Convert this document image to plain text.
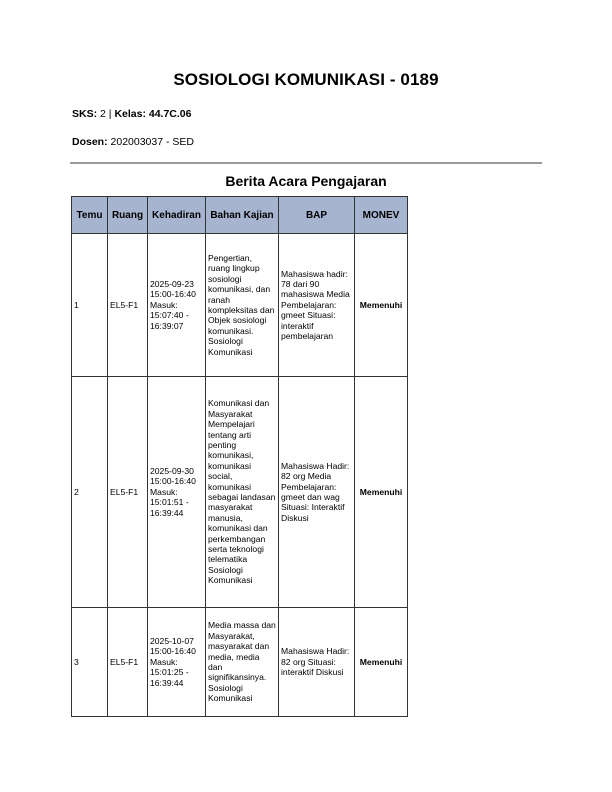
SOSIOLOGI KOMUNIKASI - 0189
SKS: 2 | Kelas: 44.7C.06
Dosen: 202003037 - SED
Berita Acara Pengajaran
Temu	Ruang	Kehadiran	Bahan Kajian	BAP	MONEV
1	EL5-F1	2025-09-23 15:00-16:40 Masuk: 15:07:40 - 16:39:07	Pengertian, ruang lingkup sosiologi komunikasi, dan ranah kompleksitas dan Objek sosiologi komunikasi. Sosiologi Komunikasi	Mahasiswa hadir: 78 dari 90 mahasiswa Media Pembelajaran: gmeet Situasi: interaktif pembelajaran	Memenuhi
2	EL5-F1	2025-09-30 15:00-16:40 Masuk: 15:01:51 - 16:39:44	Komunikasi dan Masyarakat Mempelajari tentang arti penting komunikasi, komunikasi social, komunikasi sebagai landasan masyarakat manusia, komunikasi dan perkembangan serta teknologi telematika Sosiologi Komunikasi	Mahasiswa Hadir: 82 org Media Pembelajaran: gmeet dan wag Situasi: Interaktif Diskusi	Memenuhi
3	EL5-F1	2025-10-07 15:00-16:40 Masuk: 15:01:25 - 16:39:44	Media massa dan Masyarakat, masyarakat dan media, media dan signifikansinya. Sosiologi Komunikasi	Mahasiswa Hadir: 82 org Situasi: interaktif Diskusi	Memenuhi
